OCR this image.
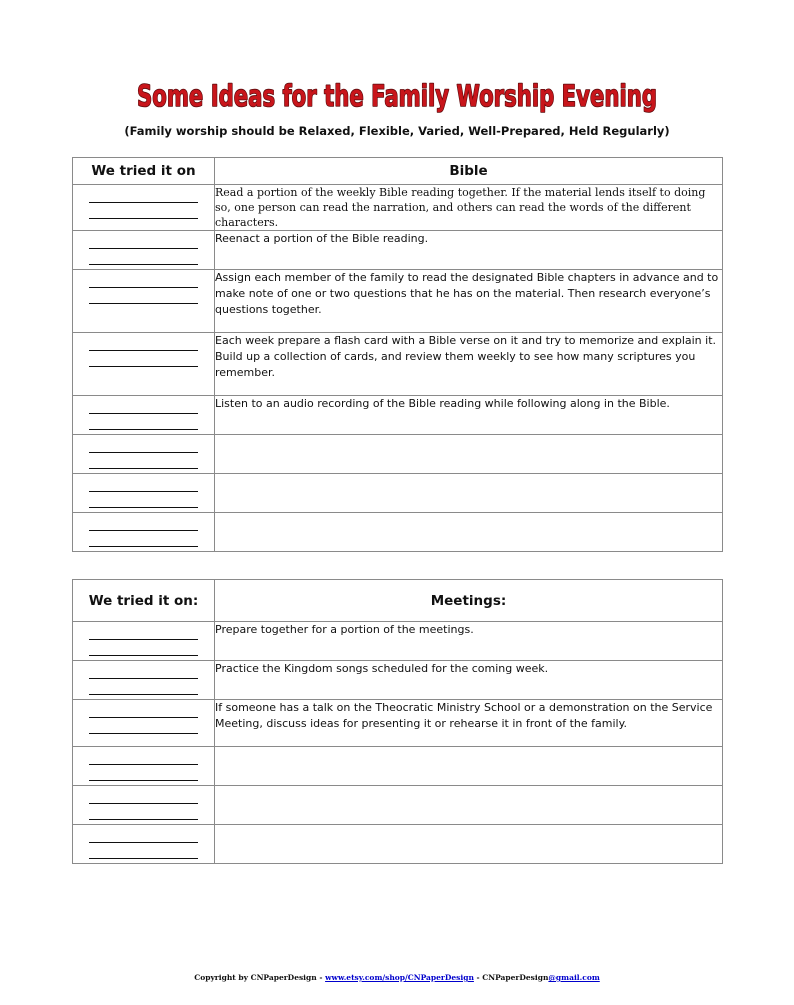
Some Ideas for the Family Worship Evening
(Family worship should be Relaxed, Flexible, Varied, Well-Prepared, Held Regularly)
We tried it on	Bible

	Read a portion of the weekly Bible reading together. If the material lends itself to doing so, one person can read the narration, and others can read the words of the different characters.

	Reenact a portion of the Bible reading.

	Assign each member of the family to read the designated Bible chapters in advance and to make note of one or two questions that he has on the material. Then research everyone’s questions together.

	Each week prepare a flash card with a Bible verse on it and try to memorize and explain it. Build up a collection of cards, and review them weekly to see how many scriptures you remember.

	Listen to an audio recording of the Bible reading while following along in the Bible.

We tried it on:	Meetings:

	Prepare together for a portion of the meetings.

	Practice the Kingdom songs scheduled for the coming week.

	If someone has a talk on the Theocratic Ministry School or a demonstration on the Service Meeting, discuss ideas for presenting it or rehearse it in front of the family.

Copyright by CNPaperDesign - www.etsy.com/shop/CNPaperDesign - CNPaperDesign@gmail.com
